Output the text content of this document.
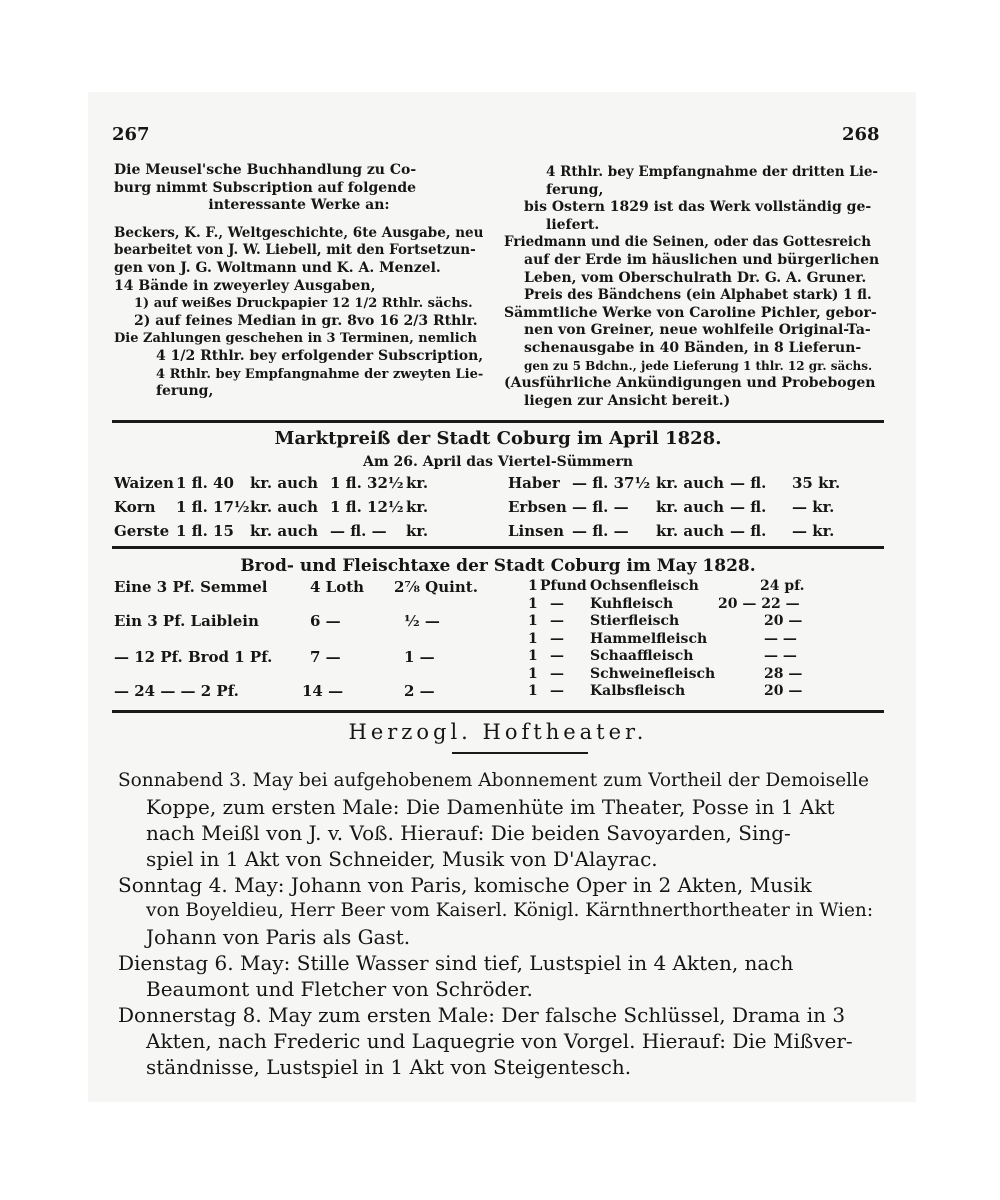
267	268

Die Meusel'sche Buchhandlung zu Co-

burg nimmt Subscription auf folgende

interessante Werke an:

Beckers, K. F., Weltgeschichte, 6te Ausgabe, neu

bearbeitet von J. W. Liebell, mit den Fortsetzun-

gen von J. G. Woltmann und K. A. Menzel.

14 Bände in zweyerley Ausgaben,

1) auf weißes Druckpapier 12 1/2 Rthlr. sächs.

2) auf feines Median in gr. 8vo 16 2/3 Rthlr.

Die Zahlungen geschehen in 3 Terminen, nemlich

4 1/2 Rthlr. bey erfolgender Subscription,

4 Rthlr. bey Empfangnahme der zweyten Lie-

ferung,

4 Rthlr. bey Empfangnahme der dritten Lie-

ferung,

bis Ostern 1829 ist das Werk vollständig ge-

liefert.

Friedmann und die Seinen, oder das Gottesreich

auf der Erde im häuslichen und bürgerlichen

Leben, vom Oberschulrath Dr. G. A. Gruner.

Preis des Bändchens (ein Alphabet stark) 1 fl.

Sämmtliche Werke von Caroline Pichler, gebor-

nen von Greiner, neue wohlfeile Original-Ta-

schenausgabe in 40 Bänden, in 8 Lieferun-

gen zu 5 Bdchn., jede Lieferung 1 thlr. 12 gr. sächs.

(Ausführliche Ankündigungen und Probebogen

liegen zur Ansicht bereit.)

Marktpreiß der Stadt Coburg im April 1828.
Am 26. April das Viertel-Sümmern
Waizen 1 fl. 40 kr. auch 1 fl. 32½ kr.
Korn 1 fl. 17½ kr. auch 1 fl. 12½ kr.
Gerste 1 fl. 15 kr. auch — fl. — kr.
Haber — fl. 37½ kr. auch — fl. 35 kr.
Erbsen — fl. — kr. auch — fl. — kr.
Linsen — fl. — kr. auch — fl. — kr.
Brod- und Fleischtaxe der Stadt Coburg im May 1828.
Eine 3 Pf. Semmel	4 Loth 2⅞ Quint.
Ein 3 Pf. Laiblein	6 —	½ —
— 12 Pf. Brod 1 Pf.	7 —	1 —
— 24 — — 2 Pf.	14 —	2 —
1 Pfund Ochsenfleisch	24 pf.
1 — Kuhfleisch	20 — 22 —
1 — Stierfleisch	20 —
1 — Hammelfleisch	— —
1 — Schaaffleisch	— —
1 — Schweinefleisch	28 —
1 — Kalbsfleisch	20 —
Herzogl. Hoftheater.

Sonnabend 3. May bei aufgehobenem Abonnement zum Vortheil der Demoiselle

Koppe, zum ersten Male: Die Damenhüte im Theater, Posse in 1 Akt

nach Meißl von J. v. Voß. Hierauf: Die beiden Savoyarden, Sing-

spiel in 1 Akt von Schneider, Musik von D'Alayrac.

Sonntag 4. May: Johann von Paris, komische Oper in 2 Akten, Musik

von Boyeldieu, Herr Beer vom Kaiserl. Königl. Kärnthnerthortheater in Wien:

Johann von Paris als Gast.

Dienstag 6. May: Stille Wasser sind tief, Lustspiel in 4 Akten, nach

Beaumont und Fletcher von Schröder.

Donnerstag 8. May zum ersten Male: Der falsche Schlüssel, Drama in 3

Akten, nach Frederic und Laquegrie von Vorgel. Hierauf: Die Mißver-

ständnisse, Lustspiel in 1 Akt von Steigentesch.
